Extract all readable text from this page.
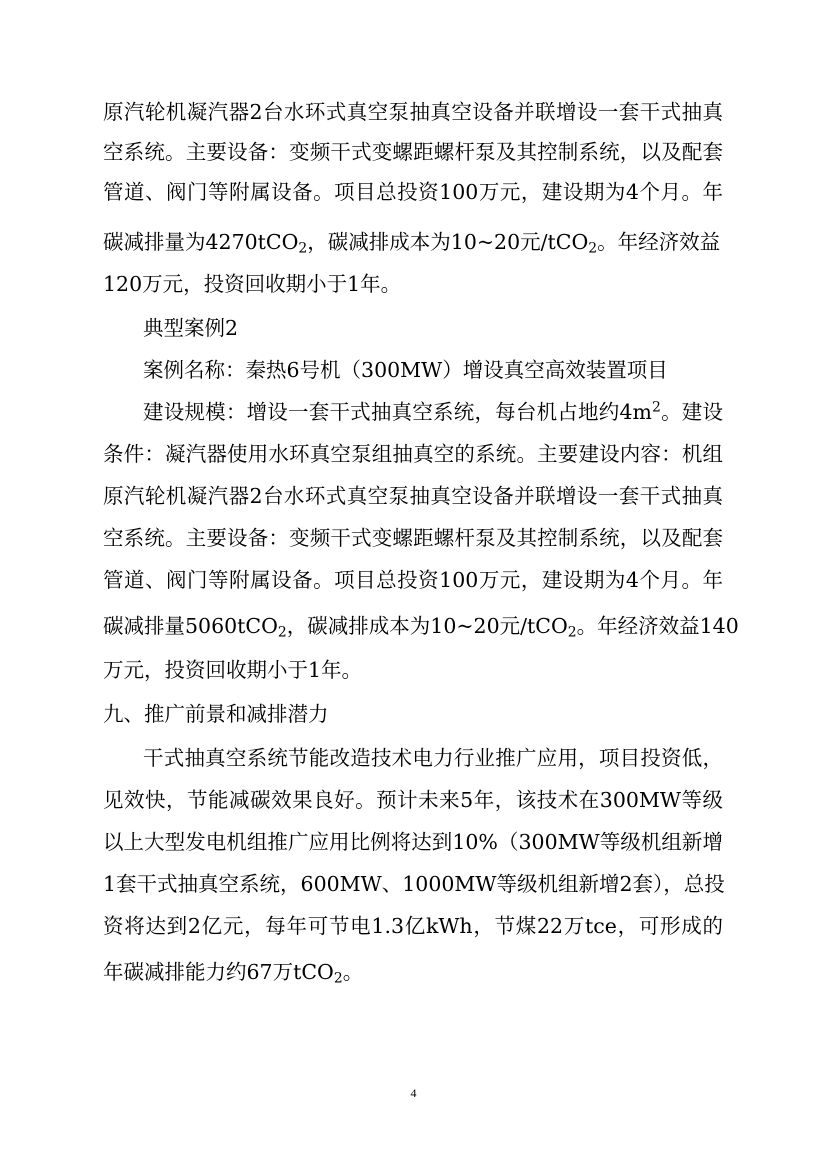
原汽轮机凝汽器2台水环式真空泵抽真空设备并联增设一套干式抽真
空系统。主要设备：变频干式变螺距螺杆泵及其控制系统，以及配套
管道、阀门等附属设备。项目总投资100万元，建设期为4个月。年
碳减排量为4270tCO$_2$，碳减排成本为10~20元/tCO$_2$。年经济效益
120万元，投资回收期小于1年。
典型案例2
案例名称：秦热6号机（300MW）增设真空高效装置项目
建设规模：增设一套干式抽真空系统，每台机占地约$4m^2$。建设
条件：凝汽器使用水环真空泵组抽真空的系统。主要建设内容：机组
原汽轮机凝汽器2台水环式真空泵抽真空设备并联增设一套干式抽真
空系统。主要设备：变频干式变螺距螺杆泵及其控制系统，以及配套
管道、阀门等附属设备。项目总投资100万元，建设期为4个月。年
碳减排量5060tCO$_2$，碳减排成本为10~20元/tCO$_2$。年经济效益140
万元，投资回收期小于1年。
九、推广前景和减排潜力
干式抽真空系统节能改造技术电力行业推广应用，项目投资低，
见效快，节能减碳效果良好。预计未来5年，该技术在300MW等级
以上大型发电机组推广应用比例将达到10%（300MW等级机组新增
1套干式抽真空系统，600MW、1000MW等级机组新增2套），总投
资将达到2亿元，每年可节电1.3亿kWh，节煤22万tce，可形成的
年碳减排能力约67万tCO$_2$。
4
